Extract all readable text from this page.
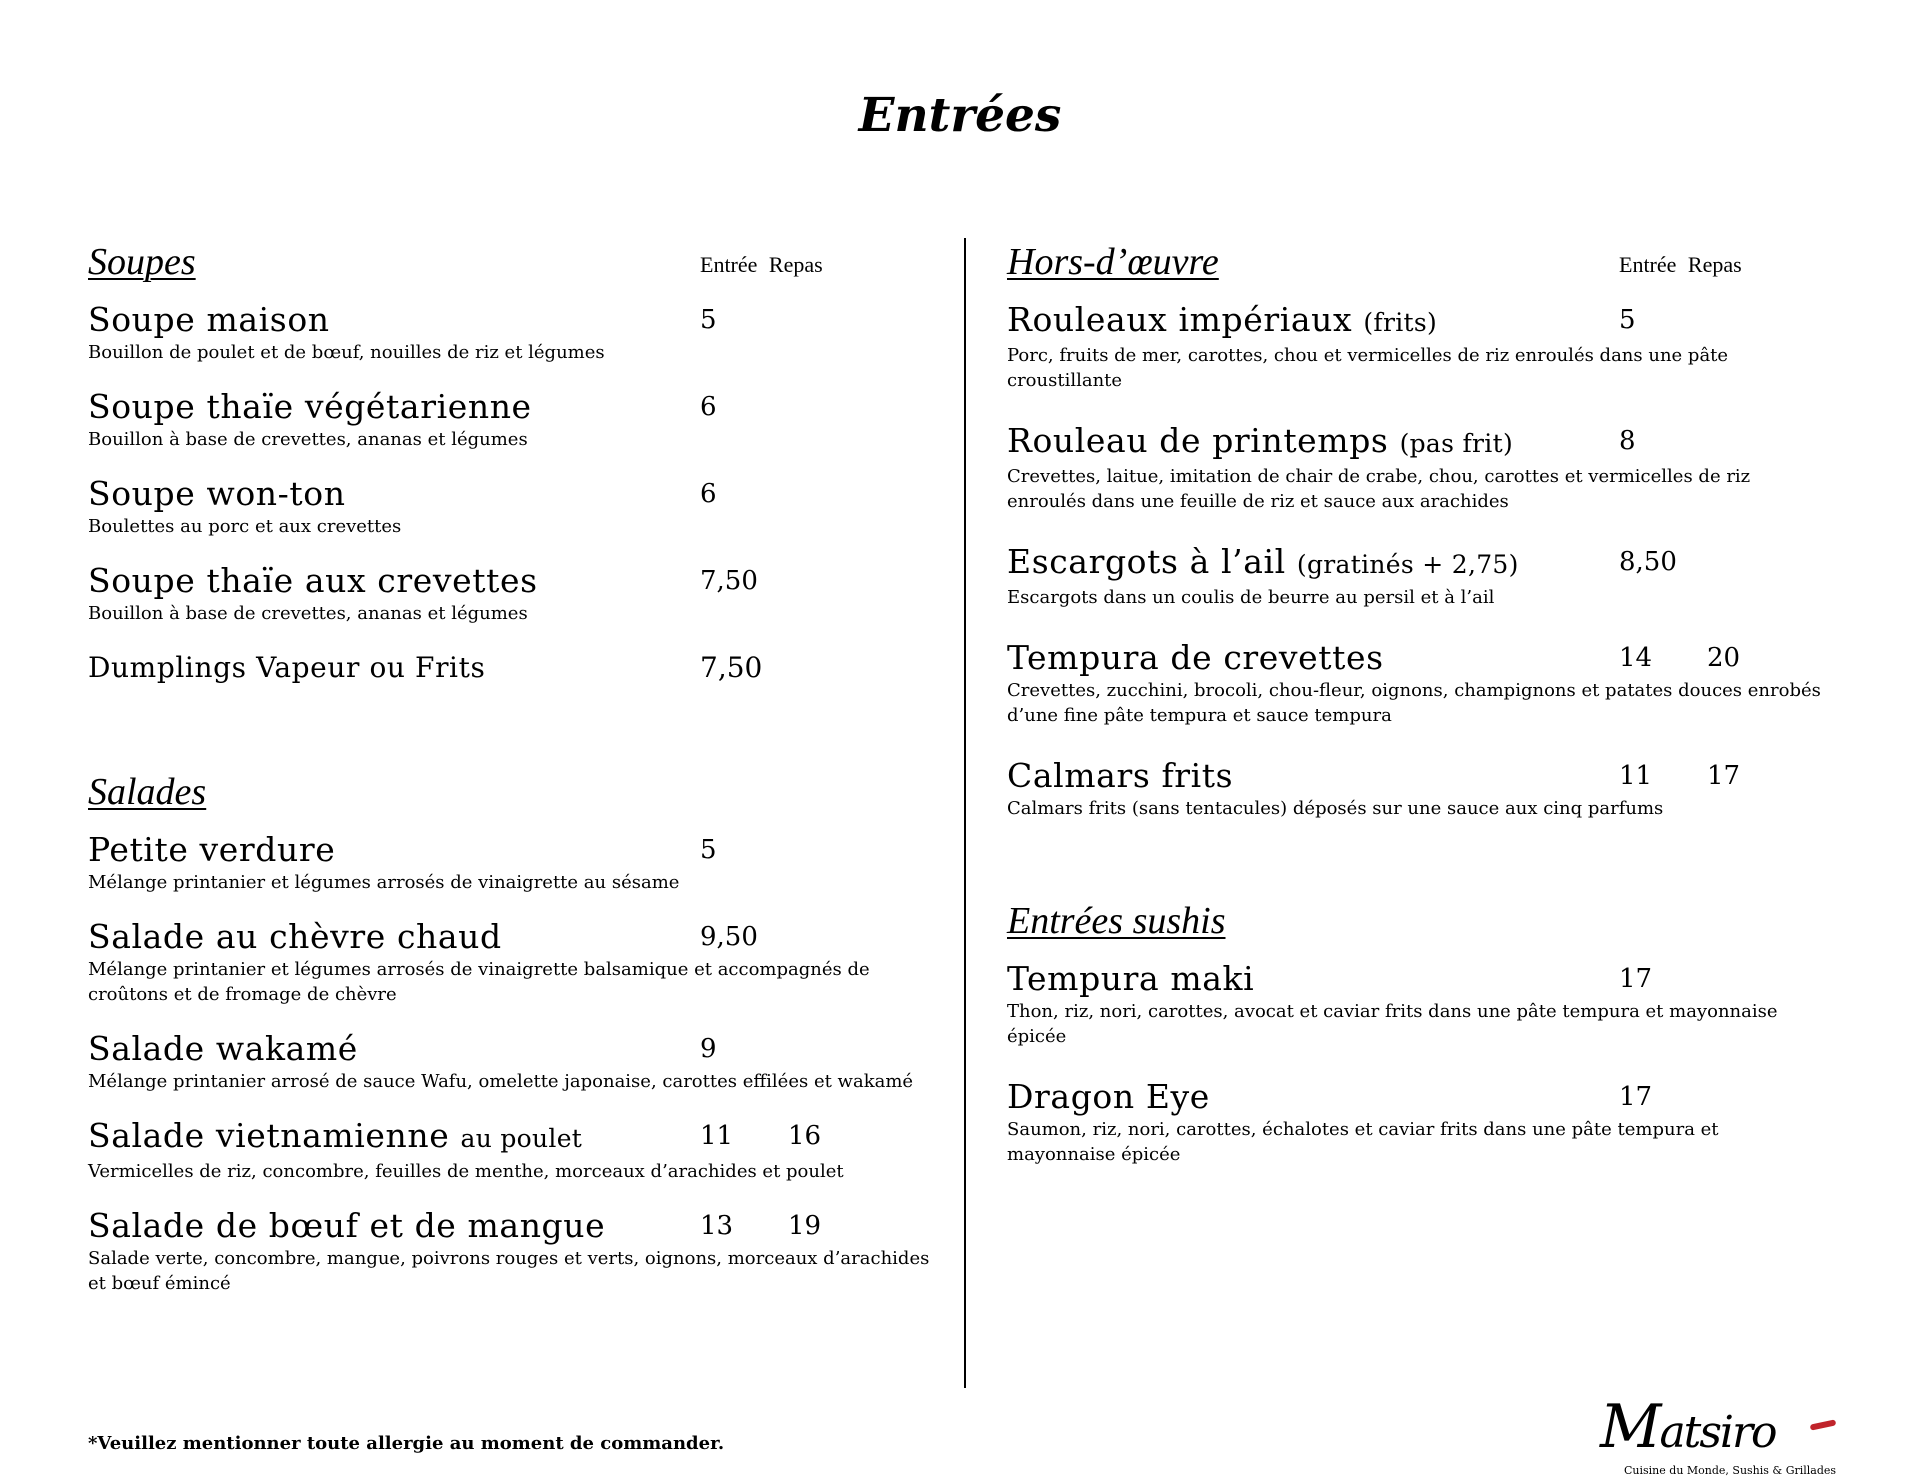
Entrées
Soupes	Entrée Repas
Soupe maison	5
Bouillon de poulet et de bœuf, nouilles de riz et légumes
Soupe thaïe végétarienne	6
Bouillon à base de crevettes, ananas et légumes
Soupe won-ton	6
Boulettes au porc et aux crevettes
Soupe thaïe aux crevettes	7,50
Bouillon à base de crevettes, ananas et légumes
Dumplings Vapeur ou Frits	7,50
Salades
Petite verdure	5
Mélange printanier et légumes arrosés de vinaigrette au sésame
Salade au chèvre chaud	9,50
Mélange printanier et légumes arrosés de vinaigrette balsamique et accompagnés de croûtons et de fromage de chèvre
Salade wakamé	9
Mélange printanier arrosé de sauce Wafu, omelette japonaise, carottes effilées et wakamé
Salade vietnamienne au poulet	11 16
Vermicelles de riz, concombre, feuilles de menthe, morceaux d’arachides et poulet
Salade de bœuf et de mangue	13 19
Salade verte, concombre, mangue, poivrons rouges et verts, oignons, morceaux d’arachides et bœuf émincé
Hors-d’œuvre	Entrée Repas
Rouleaux impériaux (frits)	5
Porc, fruits de mer, carottes, chou et vermicelles de riz enroulés dans une pâte croustillante
Rouleau de printemps (pas frit)	8
Crevettes, laitue, imitation de chair de crabe, chou, carottes et vermicelles de riz enroulés dans une feuille de riz et sauce aux arachides
Escargots à l’ail (gratinés + 2,75)	8,50
Escargots dans un coulis de beurre au persil et à l’ail
Tempura de crevettes	14 20
Crevettes, zucchini, brocoli, chou-fleur, oignons, champignons et patates douces enrobés d’une fine pâte tempura et sauce tempura
Calmars frits	11 17
Calmars frits (sans tentacules) déposés sur une sauce aux cinq parfums
Entrées sushis
Tempura maki	17
Thon, riz, nori, carottes, avocat et caviar frits dans une pâte tempura et mayonnaise épicée
Dragon Eye	17
Saumon, riz, nori, carottes, échalotes et caviar frits dans une pâte tempura et mayonnaise épicée
*Veuillez mentionner toute allergie au moment de commander.	Matsiro
Cuisine du Monde, Sushis & Grillades
